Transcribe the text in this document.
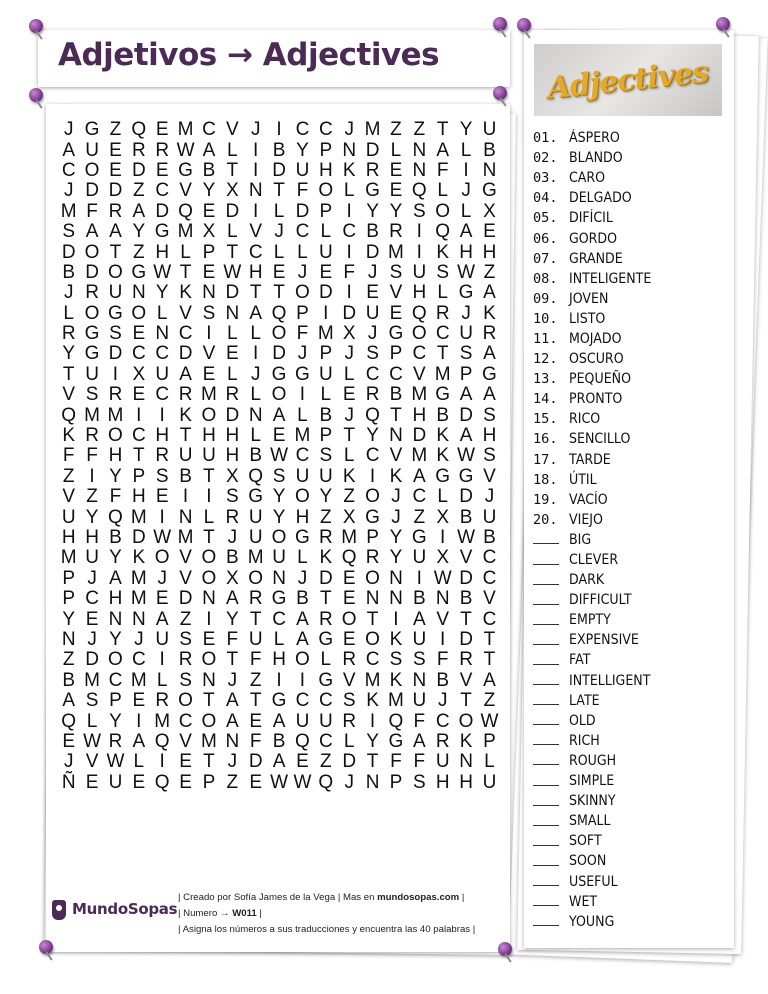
Adjectives
01. ÁSPERO
02. BLANDO
03. CARO
04. DELGADO
05. DIFÍCIL
06. GORDO
07. GRANDE
08. INTELIGENTE
09. JOVEN
10. LISTO
11. MOJADO
12. OSCURO
13. PEQUEÑO
14. PRONTO
15. RICO
16. SENCILLO
17. TARDE
18. ÚTIL
19. VACÍO
20. VIEJO
BIG
CLEVER
DARK
DIFFICULT
EMPTY
EXPENSIVE
FAT
INTELLIGENT
LATE
OLD
RICH
ROUGH
SIMPLE
SKINNY
SMALL
SOFT
SOON
USEFUL
WET
YOUNG
Adjetivos → Adjectives
J G Z Q E M C V J I C C J M Z Z T Y U
A U E R R W A L I B Y P N D L N A L B
C O E D E G B T I D U H K R E N F I N
J D D Z C V Y X N T F O L G E Q L J G
M F R A D Q E D I L D P I Y Y S O L X
S A A Y G M X L V J C L C B R I Q A E
D O T Z H L P T C L L U I D M I K H H
B D O G W T E W H E J E F J S U S W Z
J R U N Y K N D T T O D I E V H L G A
L O G O L V S N A Q P I D U E Q R J K
R G S E N C I L L O F M X J G O C U R
Y G D C C D V E I D J P J S P C T S A
T U I X U A E L J G G U L C C V M P G
V S R E C R M R L O I L E R B M G A A
Q M M I I K O D N A L B J Q T H B D S
K R O C H T H H L E M P T Y N D K A H
F F H T R U U H B W C S L C V M K W S
Z I Y P S B T X Q S U U K I K A G G V
V Z F H E I I S G Y O Y Z O J C L D J
U Y Q M I N L R U Y H Z X G J Z X B U
H H B D W M T J U O G R M P Y G I W B
M U Y K O V O B M U L K Q R Y U X V C
P J A M J V O X O N J D E O N I W D C
P C H M E D N A R G B T E N N B N B V
Y E N N A Z I Y T C A R O T I A V T C
N J Y J U S E F U L A G E O K U I D T
Z D O C I R O T F H O L R C S S F R T
B M C M L S N J Z I I G V M K N B V A
A S P E R O T A T G C C S K M U J T Z
Q L Y I M C O A E A U U R I Q F C O W
E W R A Q V M N F B Q C L Y G A R K P
J V W L I E T J D A E Z D T F F U N L
Ñ E U E Q E P Z E W W Q J N P S H H U
MundoSopas
| Creado por Sofía James de la Vega | Mas en mundosopas.com |
| Numero → W011 |
| Asigna los números a sus traducciones y encuentra las 40 palabras |
